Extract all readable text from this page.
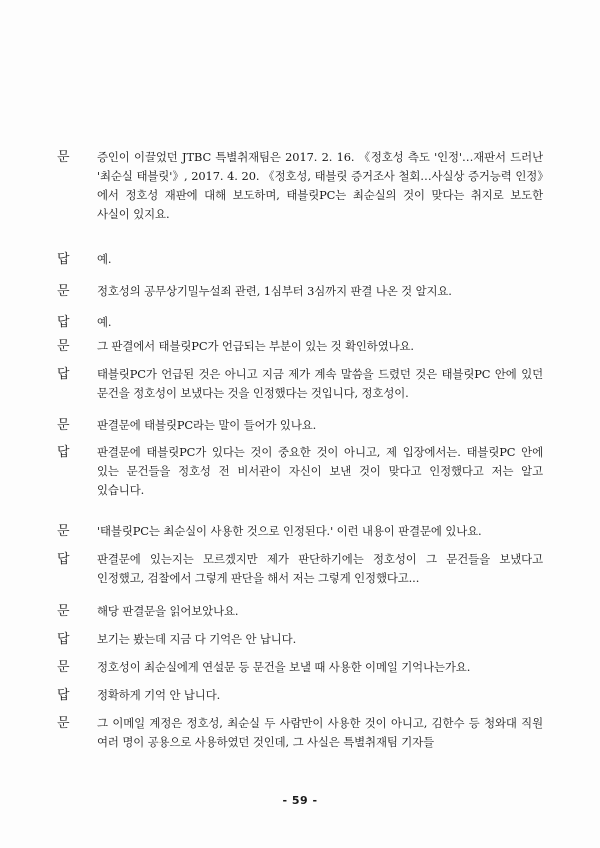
문	증인이 이끌었던 JTBC 특별취재팀은 2017. 2. 16. 《정호성 측도 '인정'…재판서 드러난 '최순실 태블릿'》, 2017. 4. 20. 《정호성, 태블릿 증거조사 철회…사실상 증거능력 인정》에서 정호성 재판에 대해 보도하며, 태블릿PC는 최순실의 것이 맞다는 취지로 보도한 사실이 있지요.
답	예.
문	정호성의 공무상기밀누설죄 관련, 1심부터 3심까지 판결 나온 것 알지요.
답	예.
문	그 판결에서 태블릿PC가 언급되는 부분이 있는 것 확인하였나요.
답	태블릿PC가 언급된 것은 아니고 지금 제가 계속 말씀을 드렸던 것은 태블릿PC 안에 있던 문건을 정호성이 보냈다는 것을 인정했다는 것입니다, 정호성이.
문	판결문에 태블릿PC라는 말이 들어가 있나요.
답	판결문에 태블릿PC가 있다는 것이 중요한 것이 아니고, 제 입장에서는. 태블릿PC 안에 있는 문건들을 정호성 전 비서관이 자신이 보낸 것이 맞다고 인정했다고 저는 알고 있습니다.
문	'태블릿PC는 최순실이 사용한 것으로 인정된다.' 이런 내용이 판결문에 있나요.
답	판결문에 있는지는 모르겠지만 제가 판단하기에는 정호성이 그 문건들을 보냈다고 인정했고, 검찰에서 그렇게 판단을 해서 저는 그렇게 인정했다고...
문	해당 판결문을 읽어보았나요.
답	보기는 봤는데 지금 다 기억은 안 납니다.
문	정호성이 최순실에게 연설문 등 문건을 보낼 때 사용한 이메일 기억나는가요.
답	정확하게 기억 안 납니다.
문	그 이메일 계정은 정호성, 최순실 두 사람만이 사용한 것이 아니고, 김한수 등 청와대 직원 여러 명이 공용으로 사용하였던 것인데, 그 사실은 특별취재팀 기자들
- 59 -
